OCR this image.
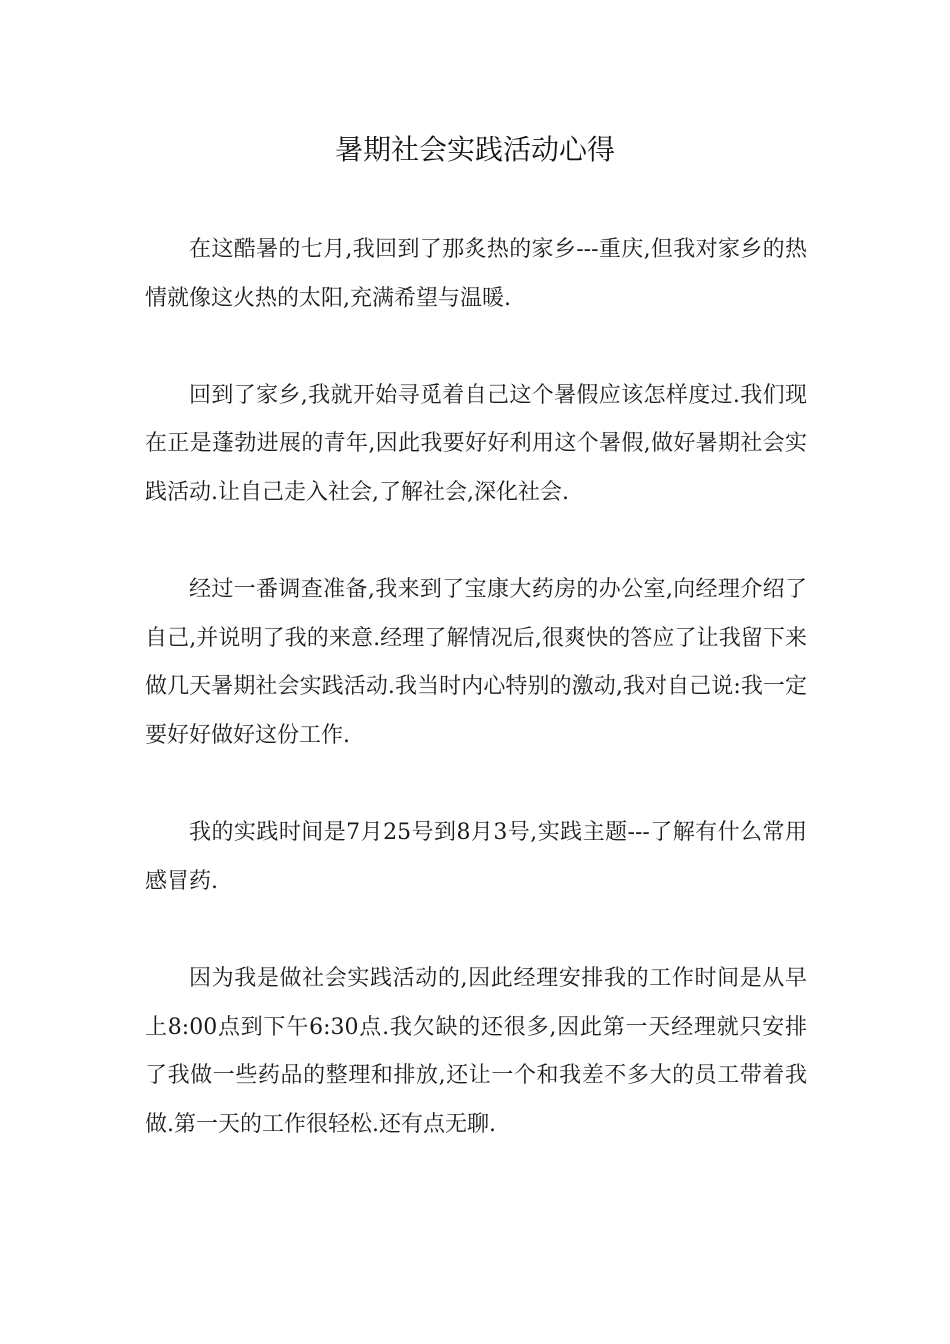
暑期社会实践活动心得

在这酷暑的七月,我回到了那炙热的家乡---重庆,但我对家乡的热情就像这火热的太阳,充满希望与温暖.

回到了家乡,我就开始寻觅着自己这个暑假应该怎样度过.我们现在正是蓬勃进展的青年,因此我要好好利用这个暑假,做好暑期社会实践活动.让自己走入社会,了解社会,深化社会.

经过一番调查准备,我来到了宝康大药房的办公室,向经理介绍了自己,并说明了我的来意.经理了解情况后,很爽快的答应了让我留下来做几天暑期社会实践活动.我当时内心特别的激动,我对自己说:我一定要好好做好这份工作.

我的实践时间是7月25号到8月3号,实践主题---了解有什么常用感冒药.

因为我是做社会实践活动的,因此经理安排我的工作时间是从早上8:00点到下午6:30点.我欠缺的还很多,因此第一天经理就只安排了我做一些药品的整理和排放,还让一个和我差不多大的员工带着我做.第一天的工作很轻松.还有点无聊.
